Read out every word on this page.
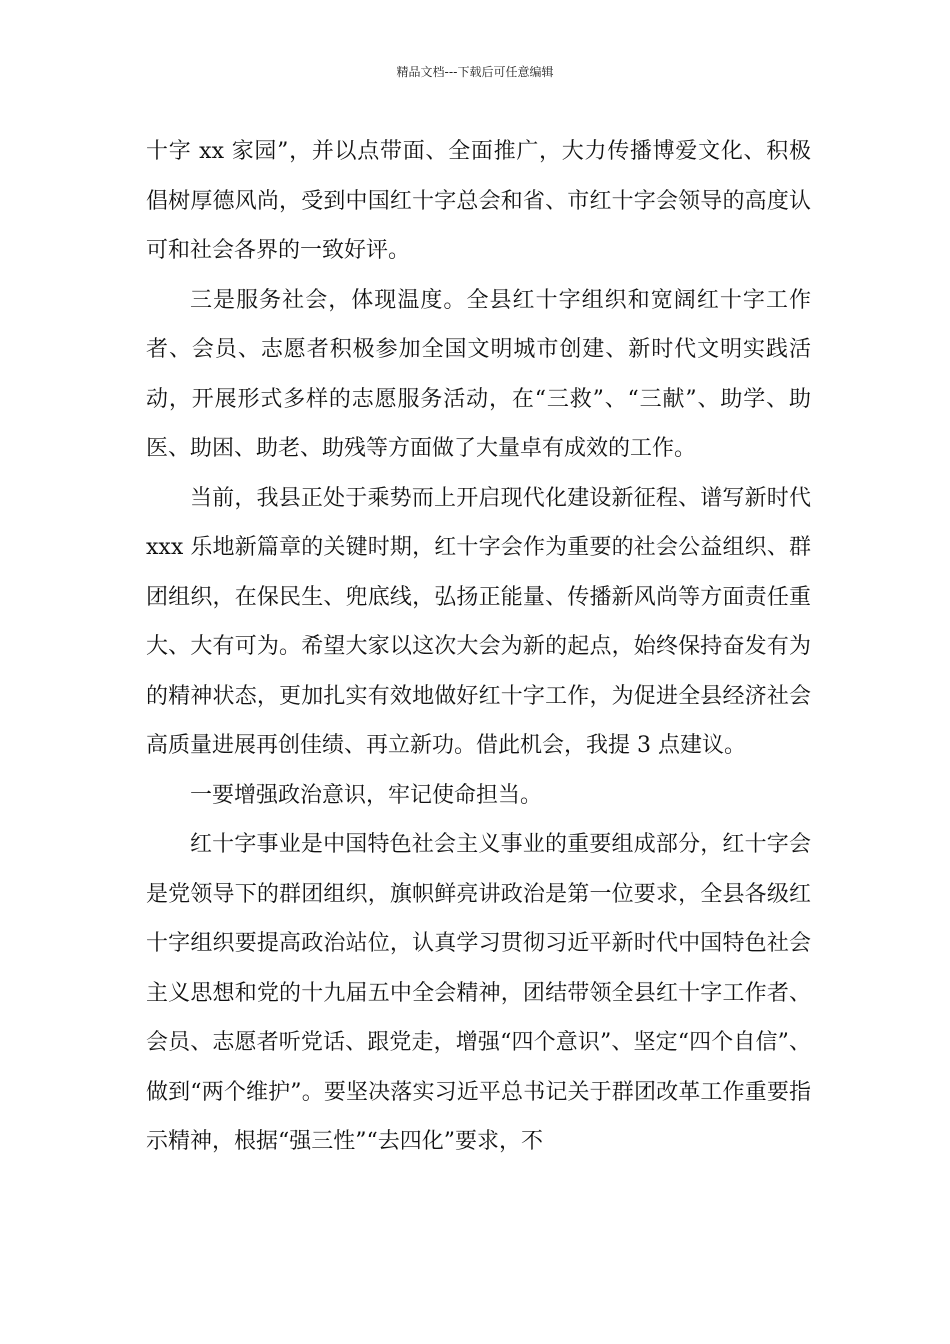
精品文档---下载后可任意编辑

十字 xx 家园”，并以点带面、全面推广，大力传播博爱文化、积极倡树厚德风尚，受到中国红十字总会和省、市红十字会领导的高度认可和社会各界的一致好评。

三是服务社会，体现温度。全县红十字组织和宽阔红十字工作者、会员、志愿者积极参加全国文明城市创建、新时代文明实践活动，开展形式多样的志愿服务活动，在“三救”、“三献”、助学、助医、助困、助老、助残等方面做了大量卓有成效的工作。

当前，我县正处于乘势而上开启现代化建设新征程、谱写新时代 xxx 乐地新篇章的关键时期，红十字会作为重要的社会公益组织、群团组织，在保民生、兜底线，弘扬正能量、传播新风尚等方面责任重大、大有可为。希望大家以这次大会为新的起点，始终保持奋发有为的精神状态，更加扎实有效地做好红十字工作，为促进全县经济社会高质量进展再创佳绩、再立新功。借此机会，我提 3 点建议。

一要增强政治意识，牢记使命担当。

红十字事业是中国特色社会主义事业的重要组成部分，红十字会是党领导下的群团组织，旗帜鲜亮讲政治是第一位要求，全县各级红十字组织要提高政治站位，认真学习贯彻习近平新时代中国特色社会主义思想和党的十九届五中全会精神，团结带领全县红十字工作者、会员、志愿者听党话、跟党走，增强“四个意识”、坚定“四个自信”、做到“两个维护”。要坚决落实习近平总书记关于群团改革工作重要指示精神，根据“强三性”“去四化”要求，不
